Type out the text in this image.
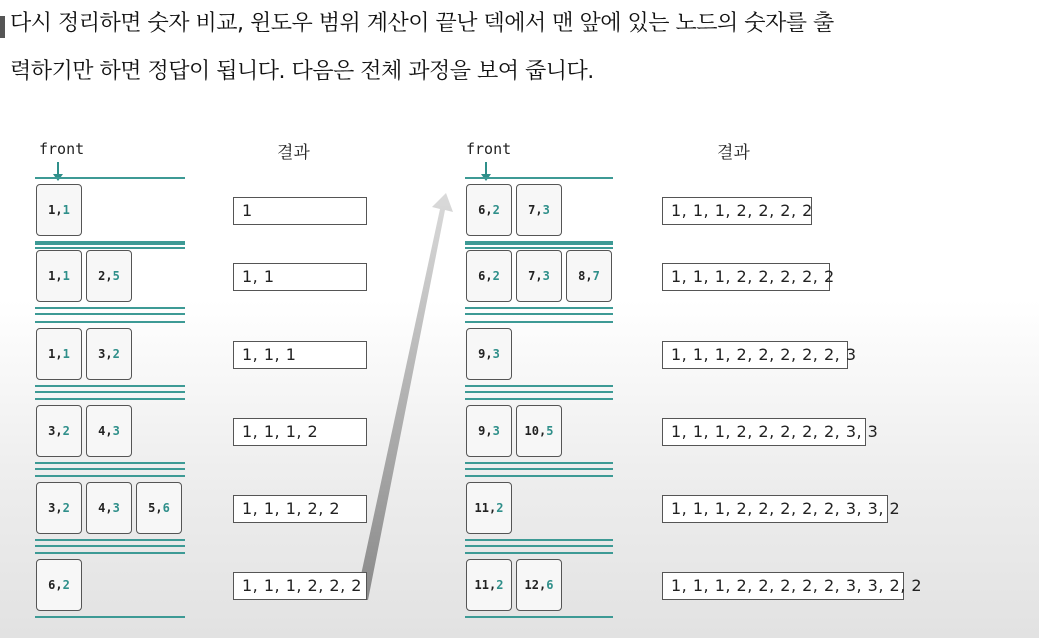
다시 정리하면 숫자 비교, 윈도우 범위 계산이 끝난 덱에서 맨 앞에 있는 노드의 숫자를 출
력하기만 하면 정답이 됩니다. 다음은 전체 과정을 보여 줍니다.
front	결과	front	결과
1, 1	1
1, 1 2, 5	1, 1
1, 1 3, 2	1, 1, 1
3, 2 4, 3	1, 1, 1, 2
3, 2 4, 3 5, 6	1, 1, 1, 2, 2
6, 2	1, 1, 1, 2, 2, 2
6, 2 7, 3	1, 1, 1, 2, 2, 2, 2
6, 2 7, 3 8, 7	1, 1, 1, 2, 2, 2, 2, 2
9, 3	1, 1, 1, 2, 2, 2, 2, 2, 3
9, 3 10, 5	1, 1, 1, 2, 2, 2, 2, 2, 3, 3
11, 2	1, 1, 1, 2, 2, 2, 2, 2, 3, 3, 2
11, 2 12, 6	1, 1, 1, 2, 2, 2, 2, 2, 3, 3, 2, 2
